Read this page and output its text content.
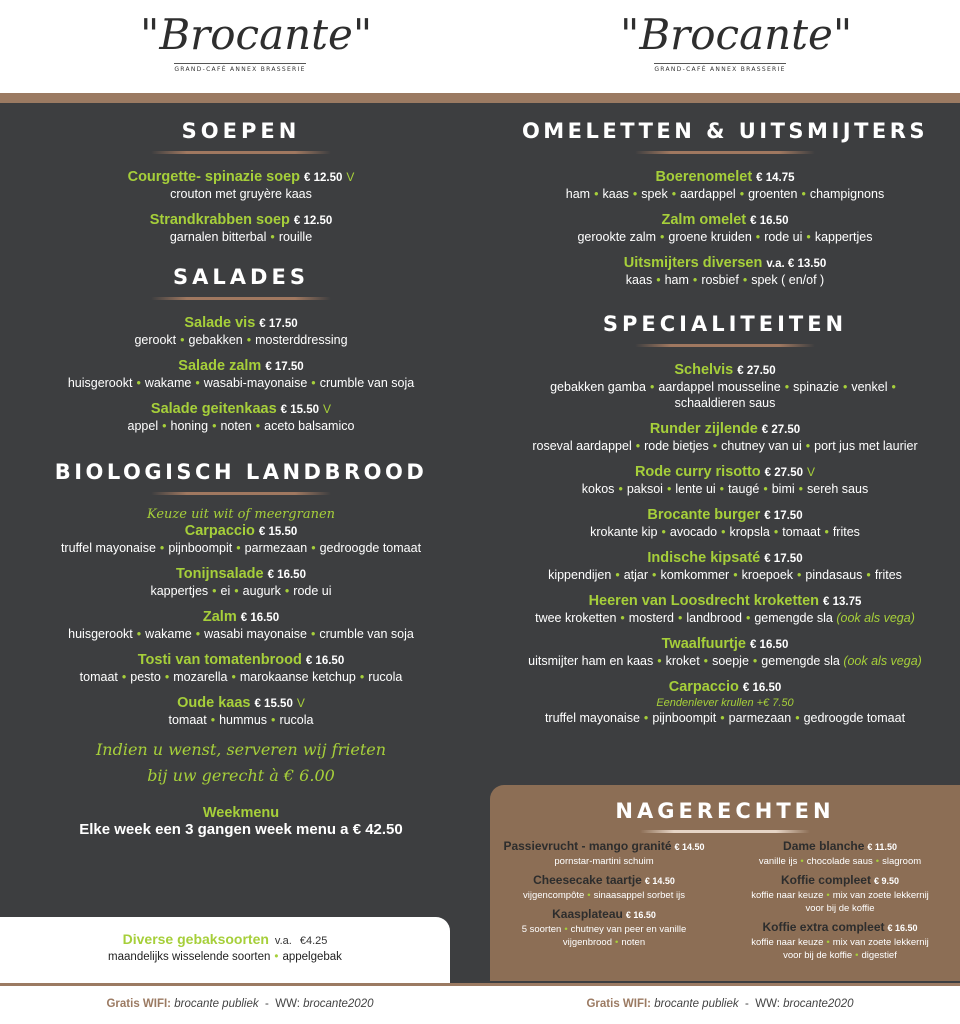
"Brocante"
GRAND-CAFÉ ANNEX BRASSERIE
"Brocante"
GRAND-CAFÉ ANNEX BRASSERIE
SOEPEN
Courgette- spinazie soep € 12.50 V
crouton met gruyère kaas
Strandkrabben soep € 12.50
garnalen bitterbal • rouille
SALADES
Salade vis € 17.50
gerookt • gebakken • mosterddressing
Salade zalm € 17.50
huisgerookt • wakame • wasabi-mayonaise • crumble van soja
Salade geitenkaas € 15.50 V
appel • honing • noten • aceto balsamico
BIOLOGISCH LANDBROOD
Keuze uit wit of meergranen
Carpaccio € 15.50
truffel mayonaise • pijnboompit • parmezaan • gedroogde tomaat
Tonijnsalade € 16.50
kappertjes • ei • augurk • rode ui
Zalm € 16.50
huisgerookt • wakame • wasabi mayonaise • crumble van soja
Tosti van tomatenbrood € 16.50
tomaat • pesto • mozarella • marokaanse ketchup • rucola
Oude kaas € 15.50 V
tomaat • hummus • rucola
Indien u wenst, serveren wij frieten
bij uw gerecht à € 6.00
Weekmenu
Elke week een 3 gangen week menu a € 42.50
Diverse gebaksoorten v.a. €4.25
maandelijks wisselende soorten • appelgebak
OMELETTEN & UITSMIJTERS
Boerenomelet € 14.75
ham • kaas • spek • aardappel • groenten • champignons
Zalm omelet € 16.50
gerookte zalm • groene kruiden • rode ui • kappertjes
Uitsmijters diversen v.a. € 13.50
kaas • ham • rosbief • spek ( en/of )
SPECIALITEITEN
Schelvis € 27.50
gebakken gamba • aardappel mousseline • spinazie • venkel •
schaaldieren saus
Runder zijlende € 27.50
roseval aardappel • rode bietjes • chutney van ui • port jus met laurier
Rode curry risotto € 27.50 V
kokos • paksoi • lente ui • taugé • bimi • sereh saus
Brocante burger € 17.50
krokante kip • avocado • kropsla • tomaat • frites
Indische kipsaté € 17.50
kippendijen • atjar • komkommer • kroepoek • pindasaus • frites
Heeren van Loosdrecht kroketten € 13.75
twee kroketten • mosterd • landbrood • gemengde sla (ook als vega)
Twaalfuurtje € 16.50
uitsmijter ham en kaas • kroket • soepje • gemengde sla (ook als vega)
Carpaccio € 16.50
Eendenlever krullen +€ 7.50
truffel mayonaise • pijnboompit • parmezaan • gedroogde tomaat
NAGERECHTEN
Passievrucht - mango granité € 14.50
pornstar-martini schuim
Cheesecake taartje € 14.50
vijgencompôte • sinaasappel sorbet ijs
Kaasplateau € 16.50
5 soorten • chutney van peer en vanille
vijgenbrood • noten
Dame blanche € 11.50
vanille ijs • chocolade saus • slagroom
Koffie compleet € 9.50
koffie naar keuze • mix van zoete lekkernij
voor bij de koffie
Koffie extra compleet € 16.50
koffie naar keuze • mix van zoete lekkernij
voor bij de koffie • digestief
Gratis WIFI: brocante publiek - WW: brocante2020	Gratis WIFI: brocante publiek - WW: brocante2020
